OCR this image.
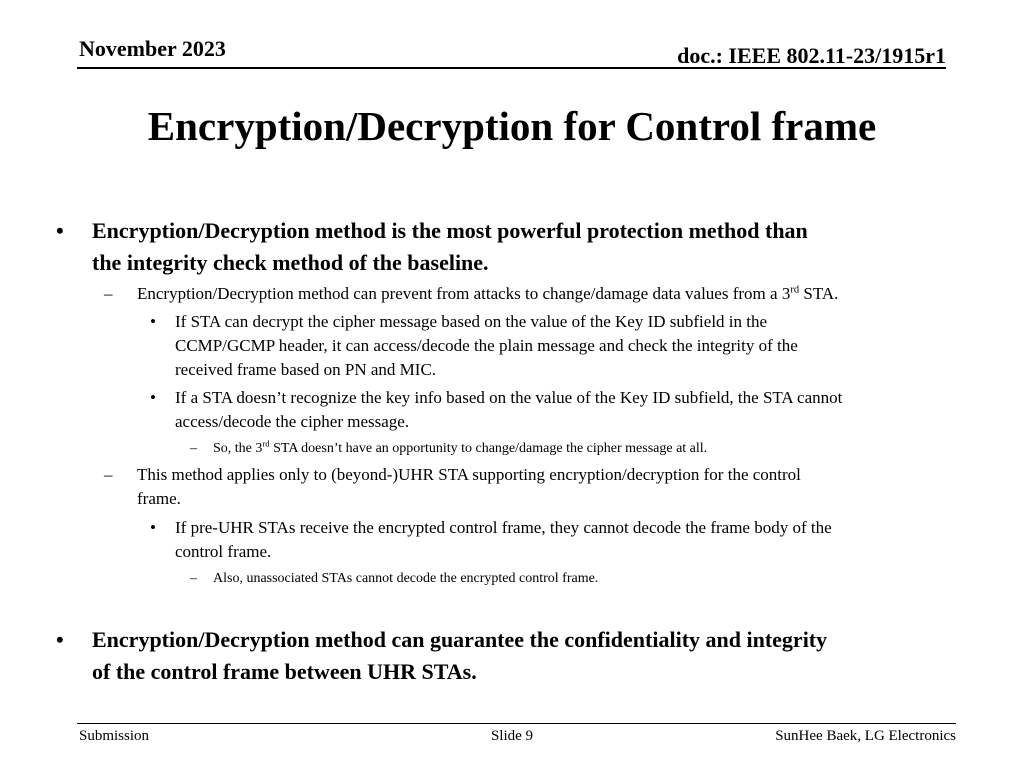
November 2023	doc.: IEEE 802.11-23/1915r1
Encryption/Decryption for Control frame
• Encryption/Decryption method is the most powerful protection method than
the integrity check method of the baseline.
– Encryption/Decryption method can prevent from attacks to change/damage data values from a 3rd STA.
• If STA can decrypt the cipher message based on the value of the Key ID subfield in the
CCMP/GCMP header, it can access/decode the plain message and check the integrity of the
received frame based on PN and MIC.
• If a STA doesn’t recognize the key info based on the value of the Key ID subfield, the STA cannot
access/decode the cipher message.
– So, the 3rd STA doesn’t have an opportunity to change/damage the cipher message at all.
– This method applies only to (beyond-)UHR STA supporting encryption/decryption for the control
frame.
• If pre-UHR STAs receive the encrypted control frame, they cannot decode the frame body of the
control frame.
– Also, unassociated STAs cannot decode the encrypted control frame.
• Encryption/Decryption method can guarantee the confidentiality and integrity
of the control frame between UHR STAs.
Submission	Slide 9	SunHee Baek, LG Electronics
